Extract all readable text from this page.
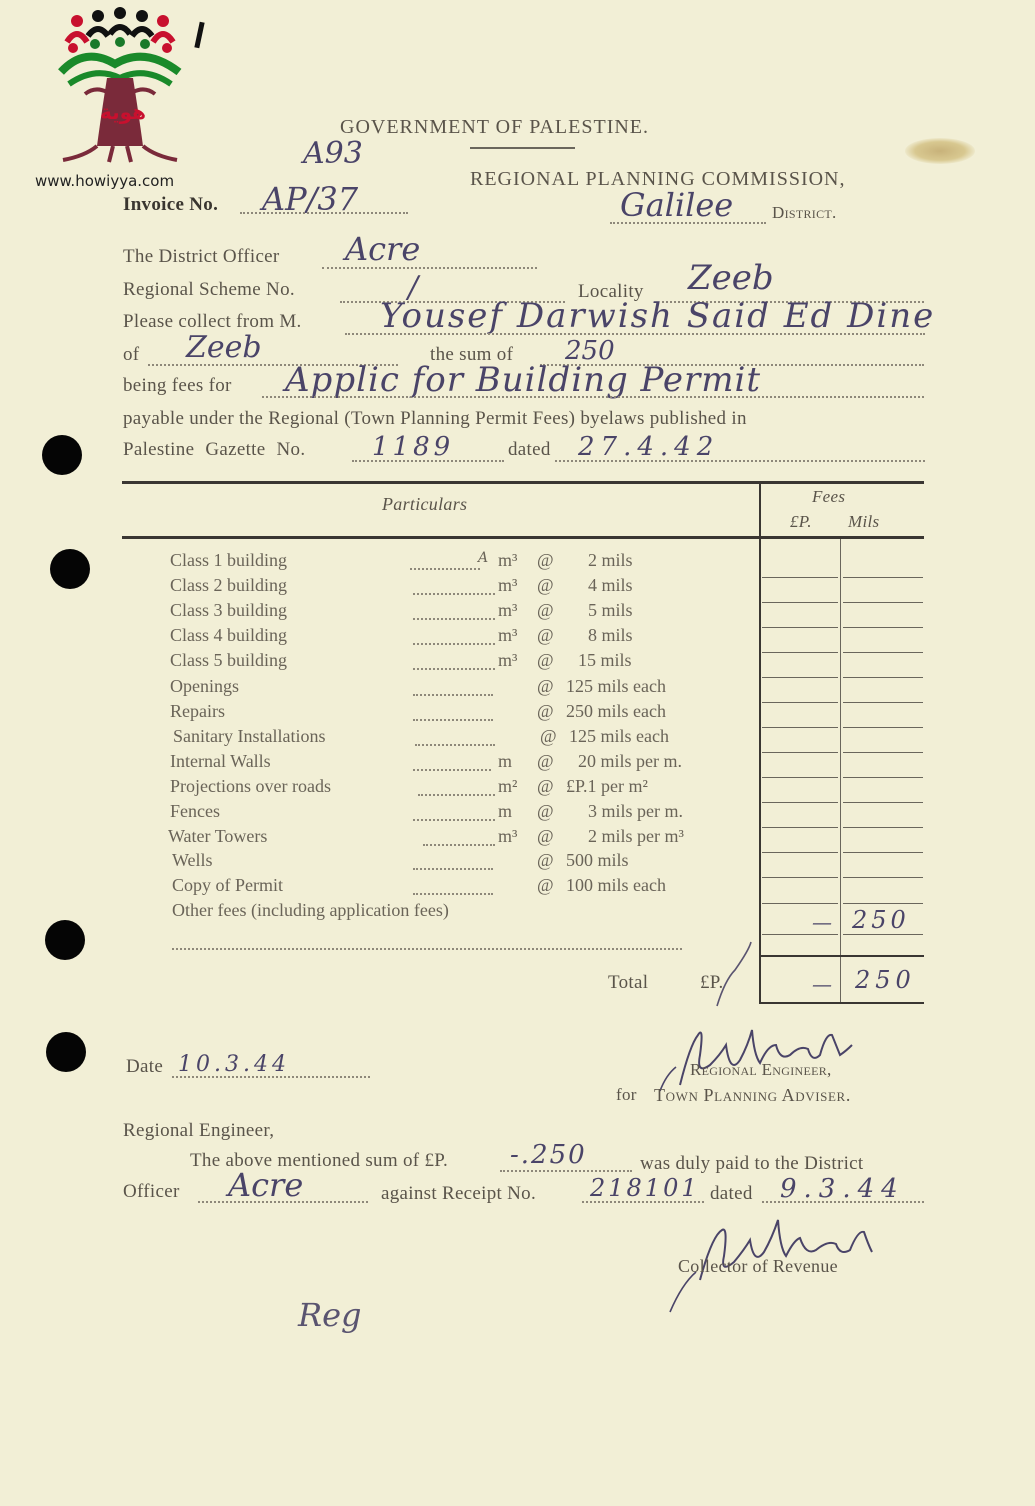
هوية
www.howiyya.com
GOVERNMENT OF PALESTINE.
REGIONAL PLANNING COMMISSION,
A93
Invoice No. AP/37	Galilee District.
The District Officer Acre
Regional Scheme No.	/	Locality Zeeb
Please collect from M. Yousef Darwish Said Ed Dine
of Zeeb	the sum of 250
being fees for Applic for Building Permit
payable under the Regional (Town Planning Permit Fees) byelaws published in
Palestine Gazette No.	1189	dated 27.4.42
Particulars	Fees
£P. Mils
Class 1 building	A m³ @ 2 mils
Class 2 building	m³ @ 4 mils
Class 3 building	m³ @ 5 mils
Class 4 building	m³ @ 8 mils
Class 5 building	m³ @ 15 mils
Openings	@ 125 mils each
Repairs	@ 250 mils each
Sanitary Installations	@ 125 mils each
Internal Walls	m @ 20 mils per m.
Projections over roads	m² @ £P.1 per m²
Fences	m @ 3 mils per m.
Water Towers	m³ @ 2 mils per m³
Wells	@ 500 mils
Copy of Permit	@ 100 mils each
Other fees (including application fees)	— 250
Total	£P.	— 250
Date 10.3.44	Regional Engineer,
for Town Planning Adviser.
Regional Engineer,
The above mentioned sum of £P. -.250	was duly paid to the District
Officer Acre	against Receipt No. 218101 dated 9.3.44
Collector of Revenue
Reg
